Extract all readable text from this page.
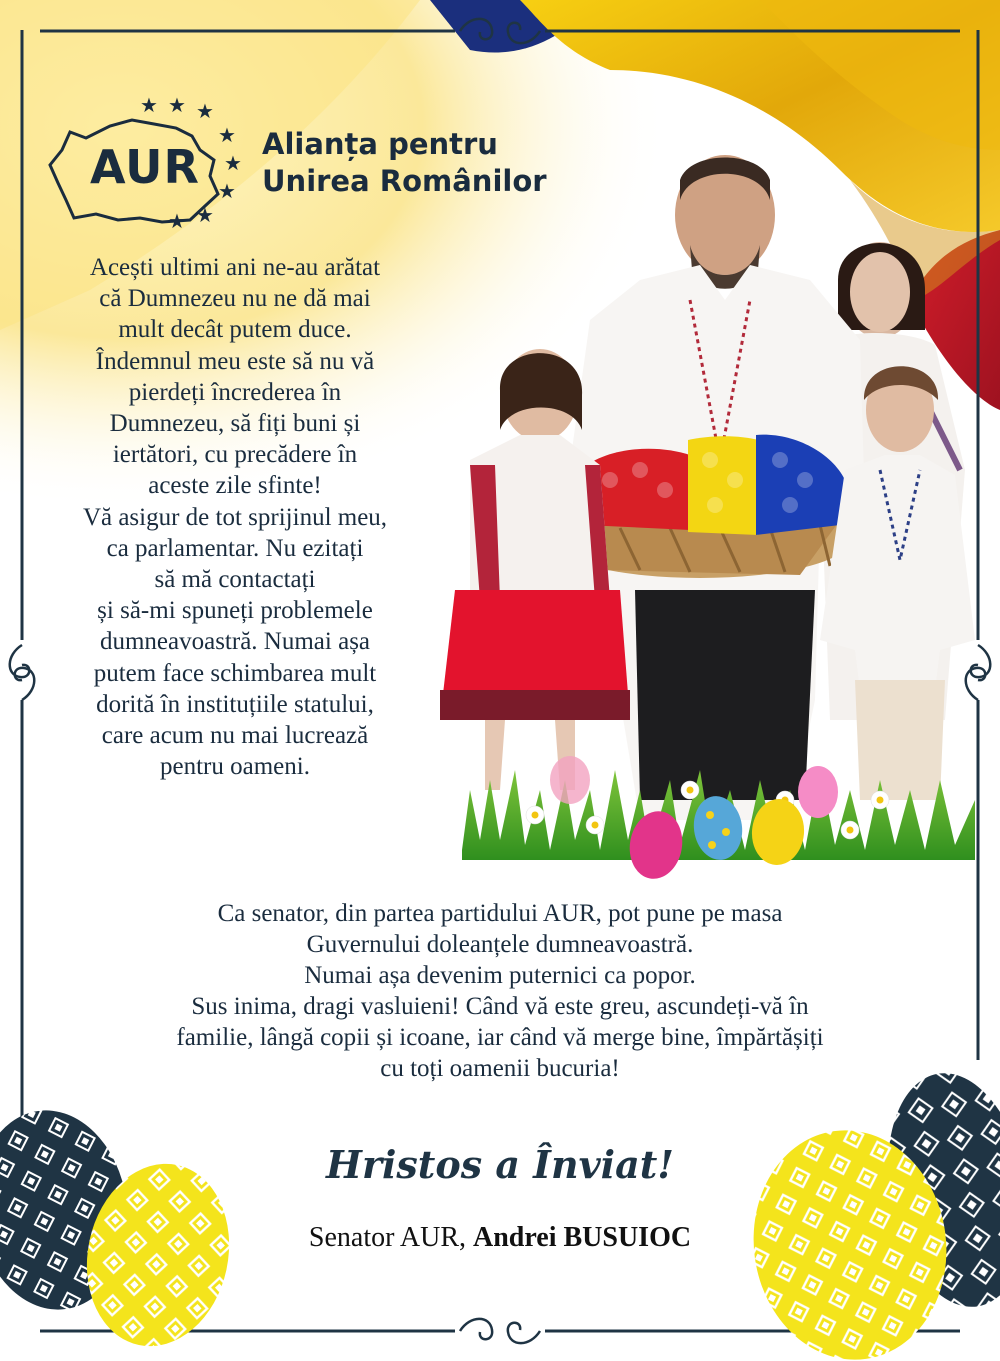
★ ★ ★
★
★
★
★
★
AUR Alianța pentru
Unirea Românilor
Acești ultimi ani ne-au arătat
că Dumnezeu nu ne dă mai
mult decât putem duce.
Îndemnul meu este să nu vă
pierdeți încrederea în
Dumnezeu, să fiți buni și
iertători, cu precădere în
aceste zile sfinte!
Vă asigur de tot sprijinul meu,
ca parlamentar. Nu ezitați
să mă contactați
și să-mi spuneți problemele
dumneavoastră. Numai așa
putem face schimbarea mult
dorită în instituțiile statului,
care acum nu mai lucrează
pentru oameni.
Ca senator, din partea partidului AUR, pot pune pe masa
Guvernului doleanțele dumneavoastră.
Numai așa devenim puternici ca popor.
Sus inima, dragi vasluieni! Când vă este greu, ascundeți-vă în
familie, lângă copii și icoane, iar când vă merge bine, împărtășiți
cu toți oamenii bucuria!
Hristos a Înviat!
Senator AUR, Andrei BUSUIOC
